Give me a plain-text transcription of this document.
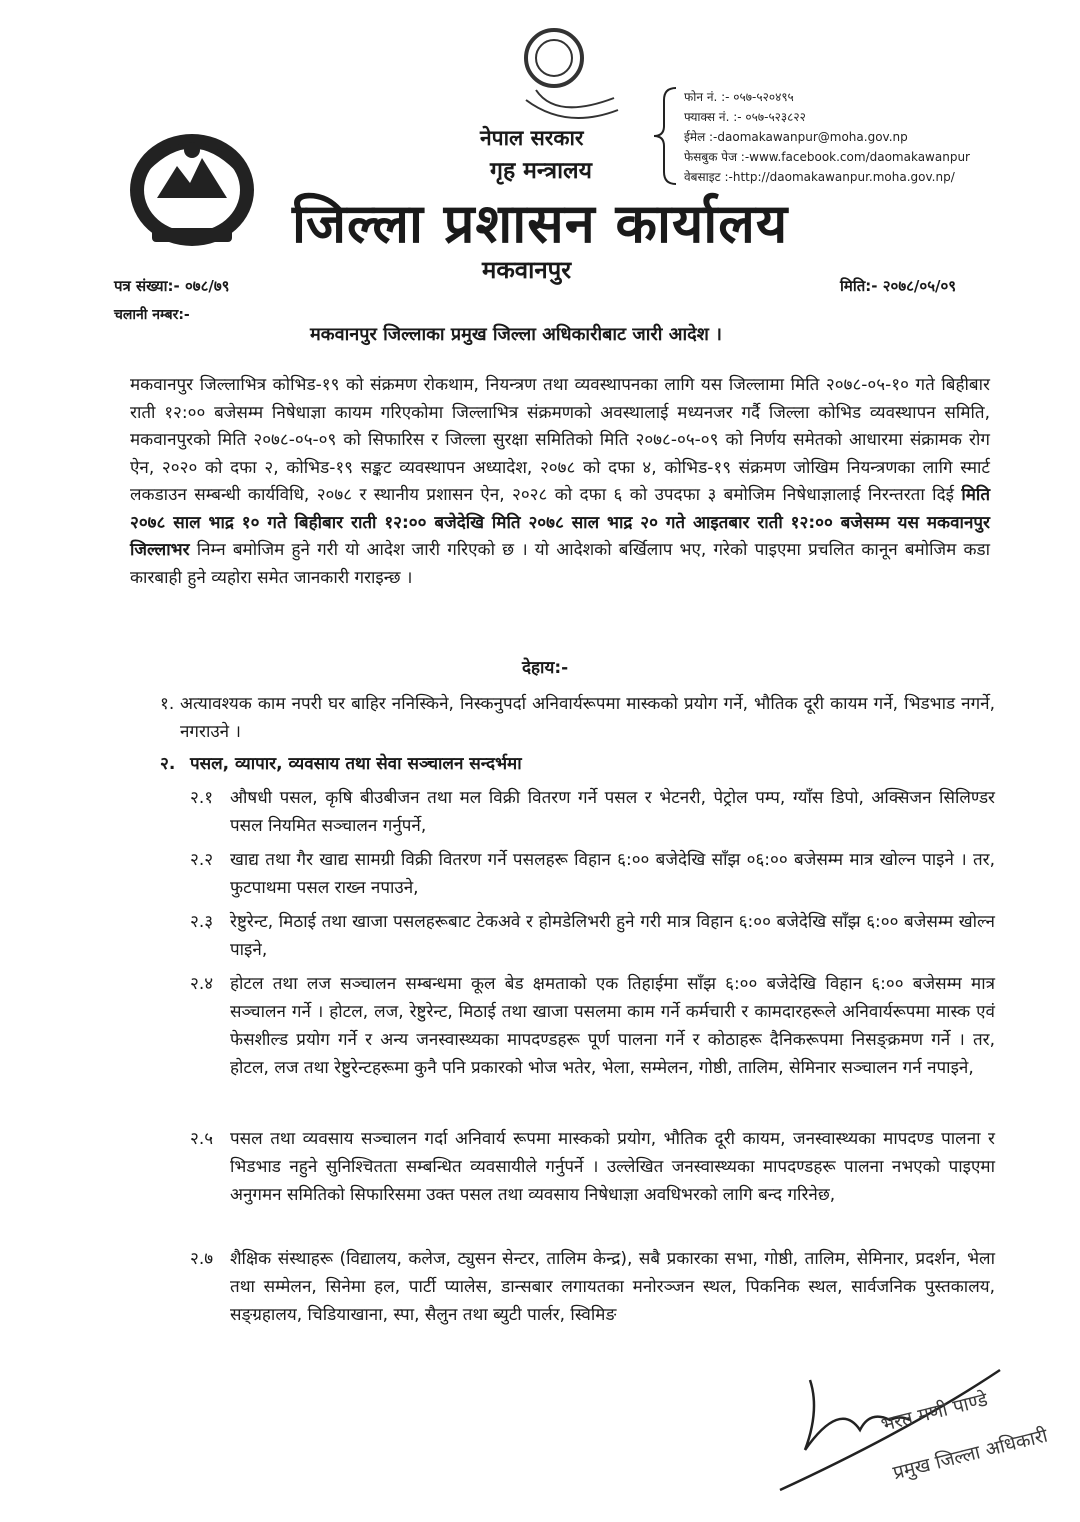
नेपाल सरकार
गृह मन्त्रालय
जिल्ला प्रशासन कार्यालय
मकवानपुर
फोन नं. :- ०५७-५२०४९५
फ्याक्स नं. :- ०५७-५२३८२२
ईमेल :-daomakawanpur@moha.gov.np
फेसबुक पेज :-www.facebook.com/daomakawanpur
वेबसाइट :-http://daomakawanpur.moha.gov.np/
पत्र संख्या:- ०७८/७९
चलानी नम्बर:-
मिति:- २०७८/०५/०९
मकवानपुर जिल्लाका प्रमुख जिल्ला अधिकारीबाट जारी आदेश ।
मकवानपुर जिल्लाभित्र कोभिड-१९ को संक्रमण रोकथाम, नियन्त्रण तथा व्यवस्थापनका लागि यस जिल्लामा मिति २०७८-०५-१० गते बिहीबार राती १२:०० बजेसम्म निषेधाज्ञा कायम गरिएकोमा जिल्लाभित्र संक्रमणको अवस्थालाई मध्यनजर गर्दै जिल्ला कोभिड व्यवस्थापन समिति, मकवानपुरको मिति २०७८-०५-०९ को सिफारिस र जिल्ला सुरक्षा समितिको मिति २०७८-०५-०९ को निर्णय समेतको आधारमा संक्रामक रोग ऐन, २०२० को दफा २, कोभिड-१९ सङ्कट व्यवस्थापन अध्यादेश, २०७८ को दफा ४, कोभिड-१९ संक्रमण जोखिम नियन्त्रणका लागि स्मार्ट लकडाउन सम्बन्धी कार्यविधि, २०७८ र स्थानीय प्रशासन ऐन, २०२८ को दफा ६ को उपदफा ३ बमोजिम निषेधाज्ञालाई निरन्तरता दिई मिति २०७८ साल भाद्र १० गते बिहीबार राती १२:०० बजेदेखि मिति २०७८ साल भाद्र २० गते आइतबार राती १२:०० बजेसम्म यस मकवानपुर जिल्लाभर निम्न बमोजिम हुने गरी यो आदेश जारी गरिएको छ । यो आदेशको बर्खिलाप भए, गरेको पाइएमा प्रचलित कानून बमोजिम कडा कारबाही हुने व्यहोरा समेत जानकारी गराइन्छ ।
देहाय:-
१. अत्यावश्यक काम नपरी घर बाहिर ननिस्किने, निस्कनुपर्दा अनिवार्यरूपमा मास्कको प्रयोग गर्ने, भौतिक दूरी कायम गर्ने, भिडभाड नगर्ने, नगराउने ।
२. पसल, व्यापार, व्यवसाय तथा सेवा सञ्चालन सन्दर्भमा
२.१ औषधी पसल, कृषि बीउबीजन तथा मल विक्री वितरण गर्ने पसल र भेटनरी, पेट्रोल पम्प, ग्याँस डिपो, अक्सिजन सिलिण्डर पसल नियमित सञ्चालन गर्नुपर्ने,
२.२ खाद्य तथा गैर खाद्य सामग्री विक्री वितरण गर्ने पसलहरू विहान ६:०० बजेदेखि साँझ ०६:०० बजेसम्म मात्र खोल्न पाइने । तर, फुटपाथमा पसल राख्न नपाउने,
२.३ रेष्टुरेन्ट, मिठाई तथा खाजा पसलहरूबाट टेकअवे र होमडेलिभरी हुने गरी मात्र विहान ६:०० बजेदेखि साँझ ६:०० बजेसम्म खोल्न पाइने,
२.४ होटल तथा लज सञ्चालन सम्बन्धमा कूल बेड क्षमताको एक तिहाईमा साँझ ६:०० बजेदेखि विहान ६:०० बजेसम्म मात्र सञ्चालन गर्ने । होटल, लज, रेष्टुरेन्ट, मिठाई तथा खाजा पसलमा काम गर्ने कर्मचारी र कामदारहरूले अनिवार्यरूपमा मास्क एवं फेसशील्ड प्रयोग गर्ने र अन्य जनस्वास्थ्यका मापदण्डहरू पूर्ण पालना गर्ने र कोठाहरू दैनिकरूपमा निसङ्क्रमण गर्ने । तर, होटल, लज तथा रेष्टुरेन्टहरूमा कुनै पनि प्रकारको भोज भतेर, भेला, सम्मेलन, गोष्ठी, तालिम, सेमिनार सञ्चालन गर्न नपाइने,
२.५ पसल तथा व्यवसाय सञ्चालन गर्दा अनिवार्य रूपमा मास्कको प्रयोग, भौतिक दूरी कायम, जनस्वास्थ्यका मापदण्ड पालना र भिडभाड नहुने सुनिश्चितता सम्बन्धित व्यवसायीले गर्नुपर्ने । उल्लेखित जनस्वास्थ्यका मापदण्डहरू पालना नभएको पाइएमा अनुगमन समितिको सिफारिसमा उक्त पसल तथा व्यवसाय निषेधाज्ञा अवधिभरको लागि बन्द गरिनेछ,
२.७ शैक्षिक संस्थाहरू (विद्यालय, कलेज, ट्युसन सेन्टर, तालिम केन्द्र), सबै प्रकारका सभा, गोष्ठी, तालिम, सेमिनार, प्रदर्शन, भेला तथा सम्मेलन, सिनेमा हल, पार्टी प्यालेस, डान्सबार लगायतका मनोरञ्जन स्थल, पिकनिक स्थल, सार्वजनिक पुस्तकालय, सङ्ग्रहालय, चिडियाखाना, स्पा, सैलुन तथा ब्युटी पार्लर, स्विमिङ
भरत मणी पाण्डे
प्रमुख जिल्ला अधिकारी
